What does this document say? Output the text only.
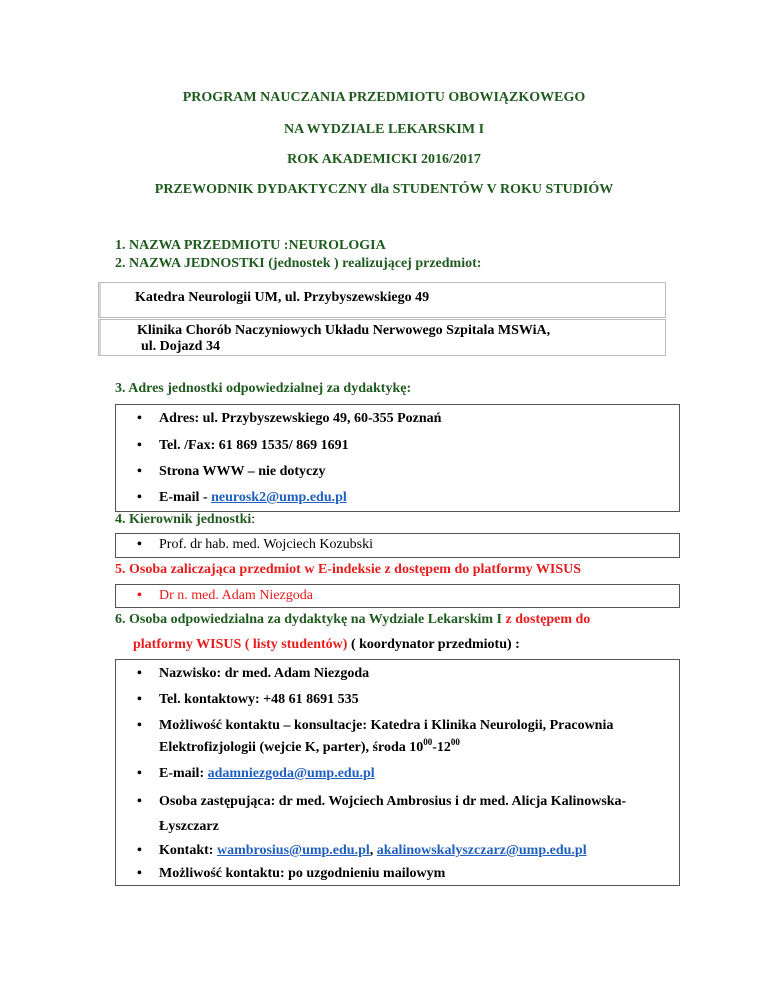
PROGRAM NAUCZANIA PRZEDMIOTU OBOWIĄZKOWEGO
NA WYDZIALE LEKARSKIM I
ROK AKADEMICKI 2016/2017
PRZEWODNIK DYDAKTYCZNY dla STUDENTÓW V ROKU STUDIÓW
1. NAZWA PRZEDMIOTU :NEUROLOGIA
2. NAZWA JEDNOSTKI (jednostek ) realizującej przedmiot:
Katedra Neurologii UM, ul. Przybyszewskiego 49
Klinika Chorób Naczyniowych Układu Nerwowego Szpitala MSWiA,
ul. Dojazd 34
3. Adres jednostki odpowiedzialnej za dydaktykę:
• Adres: ul. Przybyszewskiego 49, 60-355 Poznań
• Tel. /Fax: 61 869 1535/ 869 1691
• Strona WWW – nie dotyczy
• E-mail - neurosk2@ump.edu.pl
4. Kierownik jednostki:
• Prof. dr hab. med. Wojciech Kozubski
5. Osoba zaliczająca przedmiot w E-indeksie z dostępem do platformy WISUS
• Dr n. med. Adam Niezgoda
6. Osoba odpowiedzialna za dydaktykę na Wydziale Lekarskim I z dostępem do
platformy WISUS ( listy studentów) ( koordynator przedmiotu) :
• Nazwisko: dr med. Adam Niezgoda
• Tel. kontaktowy: +48 61 8691 535
• Możliwość kontaktu – konsultacje: Katedra i Klinika Neurologii, Pracownia
Elektrofizjologii (wejcie K, parter), środa $10^{00}-12^{00}$
• E-mail: adamniezgoda@ump.edu.pl
• Osoba zastępująca: dr med. Wojciech Ambrosius i dr med. Alicja Kalinowska-
Łyszczarz
• Kontakt: wambrosius@ump.edu.pl, akalinowskalyszczarz@ump.edu.pl
• Możliwość kontaktu: po uzgodnieniu mailowym
